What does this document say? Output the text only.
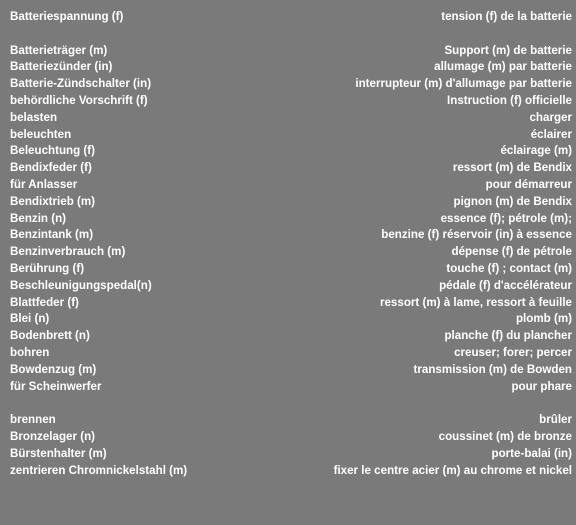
Batteriespannung (f)	tension (f) de la batterie
Batterieträger (m)	Support (m) de batterie
Batteriezünder (in)	allumage (m) par batterie
Batterie-Zündschalter (in)	interrupteur (m) d'allumage par batterie
behördliche Vorschrift (f)	Instruction (f) officielle
belasten	charger
beleuchten	éclairer
Beleuchtung (f)	éclairage (m)
Bendixfeder (f)	ressort (m) de Bendix
für Anlasser	pour démarreur
Bendixtrieb (m)	pignon (m) de Bendix
Benzin (n)	essence (f); pétrole (m);
Benzintank (m)	benzine (f) réservoir (in) à essence
Benzinverbrauch (m)	dépense (f) de pétrole
Berührung (f)	touche (f) ; contact (m)
Beschleunigungspedal(n)	pédale (f) d'accélérateur
Blattfeder (f)	ressort (m) à lame, ressort à feuille
Blei (n)	plomb (m)
Bodenbrett (n)	planche (f) du plancher
bohren	creuser; forer; percer
Bowdenzug (m)	transmission (m) de Bowden
für Scheinwerfer	pour phare
brennen	brûler
Bronzelager (n)	coussinet (m) de bronze
Bürstenhalter (m)	porte-balai (in)
zentrieren Chromnickelstahl (m)	fixer le centre acier (m) au chrome et nickel
